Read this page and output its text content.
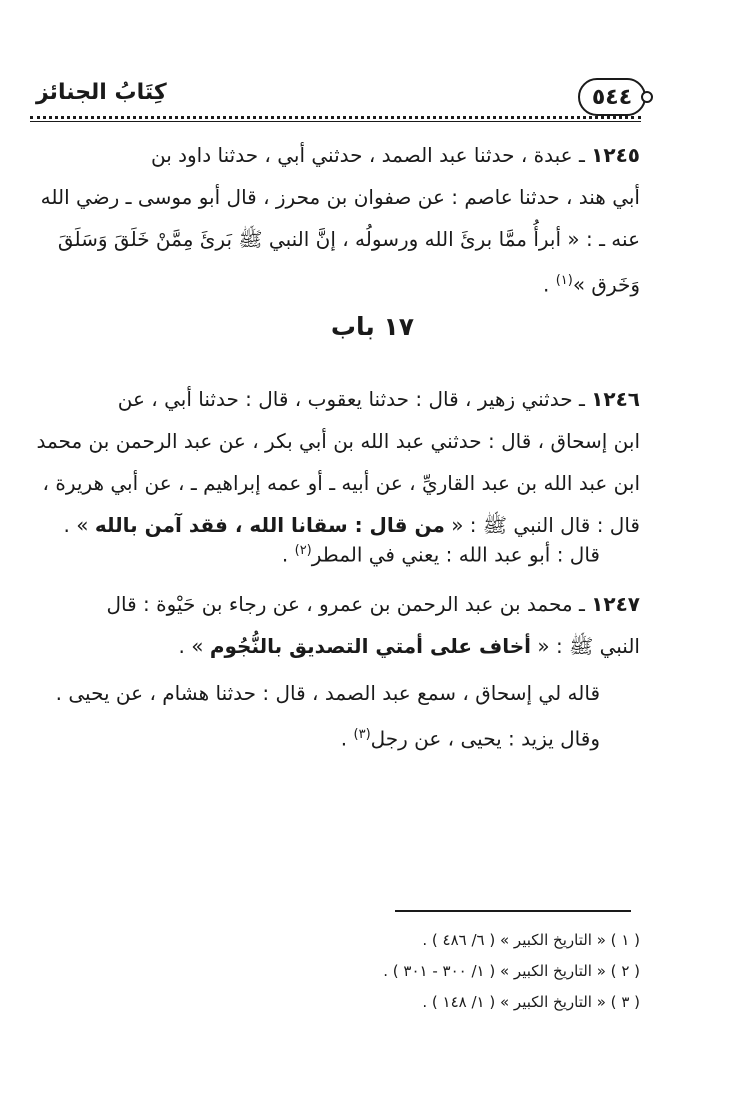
كِتَابُ الجنائز	٥٤٤
١٢٤٥ ـ عبدة ، حدثنا عبد الصمد ، حدثني أبي ، حدثنا داود بن
أبي هند ، حدثنا عاصم : عن صفوان بن محرز ، قال أبو موسى ـ رضي الله
عنه ـ : « أبرأُ ممَّا برئَ الله ورسولُه ، إنَّ النبي ﷺ بَرئَ مِمَّنْ خَلَقَ وَسَلَقَ
وَخَرق »$^{(١)}$ .
١٧ باب
١٢٤٦ ـ حدثني زهير ، قال : حدثنا يعقوب ، قال : حدثنا أبي ، عن
ابن إسحاق ، قال : حدثني عبد الله بن أبي بكر ، عن عبد الرحمن بن محمد
ابن عبد الله بن عبد القاريِّ ، عن أبيه ـ أو عمه إبراهيم ـ ، عن أبي هريرة ،
قال : قال النبي ﷺ : « من قال : سقانا الله ، فقد آمن بالله » .
قال : أبو عبد الله : يعني في المطر$^{(٢)}$ .
١٢٤٧ ـ محمد بن عبد الرحمن بن عمرو ، عن رجاء بن حَيْوة : قال
النبي ﷺ : « أخاف على أمتي التصديق بالنُّجُوم » .
قاله لي إسحاق ، سمع عبد الصمد ، قال : حدثنا هشام ، عن يحيى .
وقال يزيد : يحيى ، عن رجل$^{(٣)}$ .
( ١ ) « التاريخ الكبير » ( ٦/ ٤٨٦ ) .
( ٢ ) « التاريخ الكبير » ( ١/ ٣٠٠ - ٣٠١ ) .
( ٣ ) « التاريخ الكبير » ( ١/ ١٤٨ ) .
